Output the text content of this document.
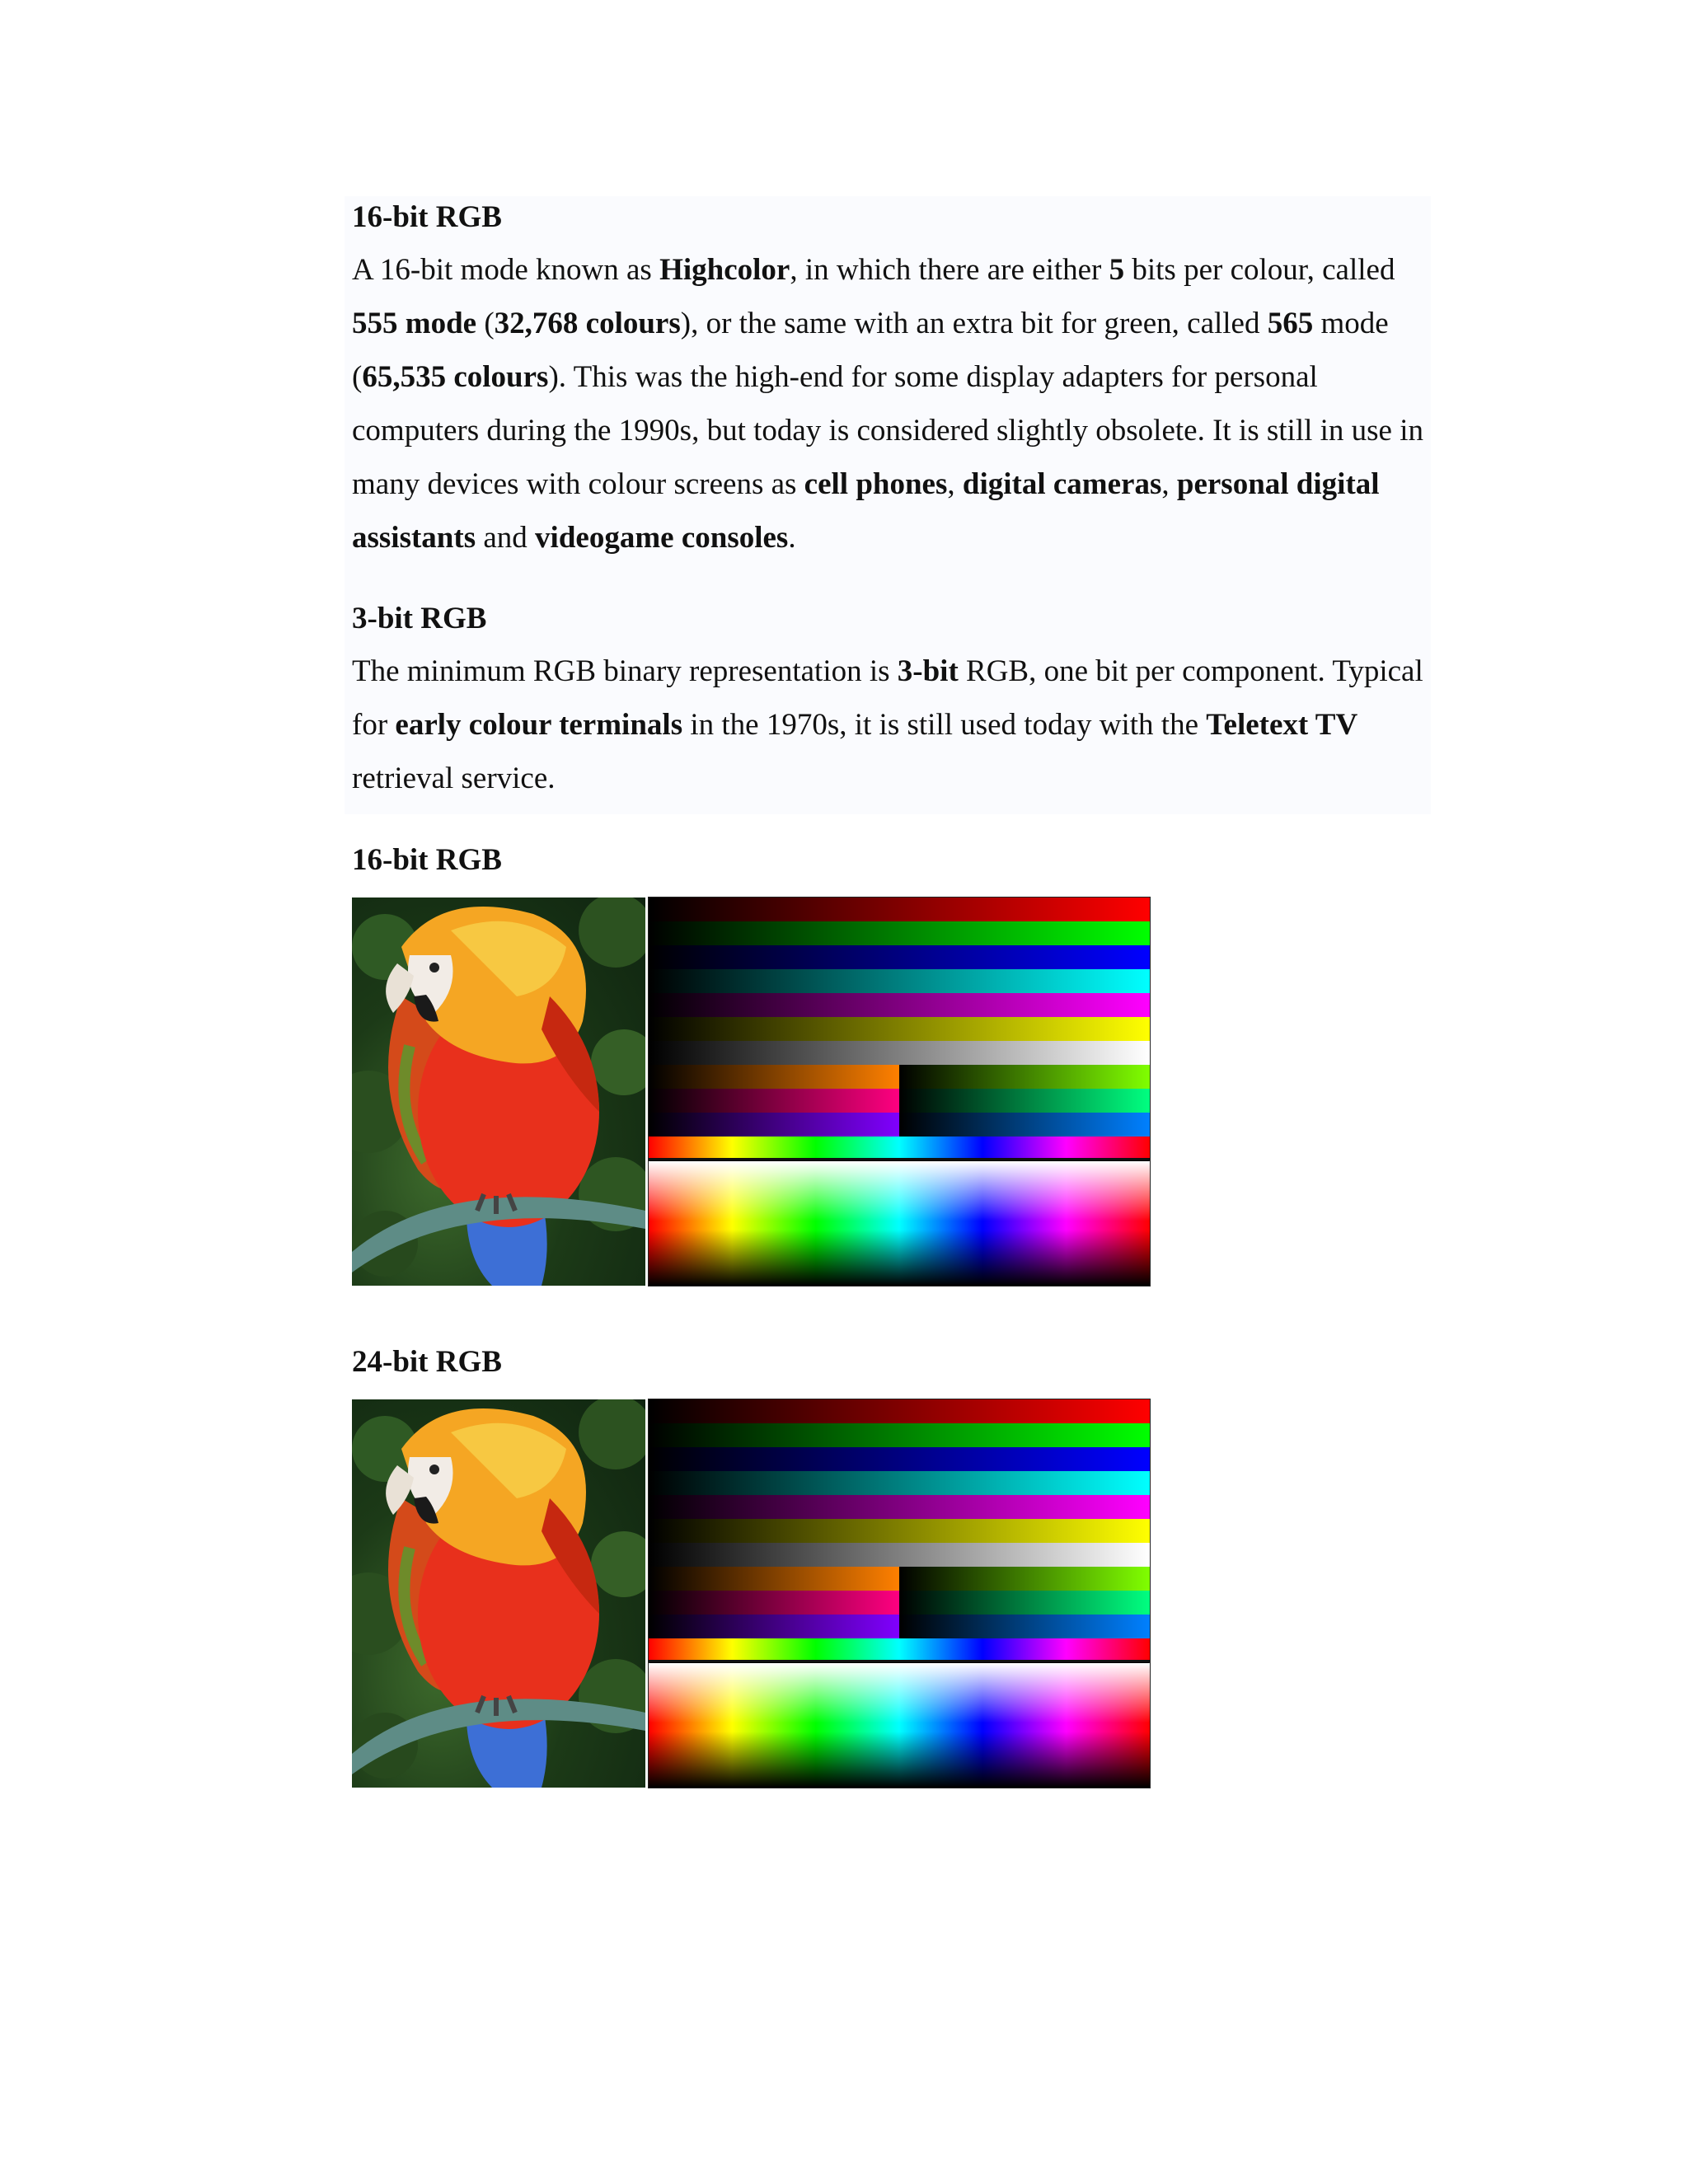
16-bit RGB
A 16-bit mode known as Highcolor, in which there are either 5 bits per colour, called 555 mode (32,768 colours), or the same with an extra bit for green, called 565 mode (65,535 colours). This was the high-end for some display adapters for personal computers during the 1990s, but today is considered slightly obsolete. It is still in use in many devices with colour screens as cell phones, digital cameras, personal digital assistants and videogame consoles.
3-bit RGB
The minimum RGB binary representation is 3-bit RGB, one bit per component. Typical for early colour terminals in the 1970s, it is still used today with the Teletext TV retrieval service.
16-bit RGB
24-bit RGB
